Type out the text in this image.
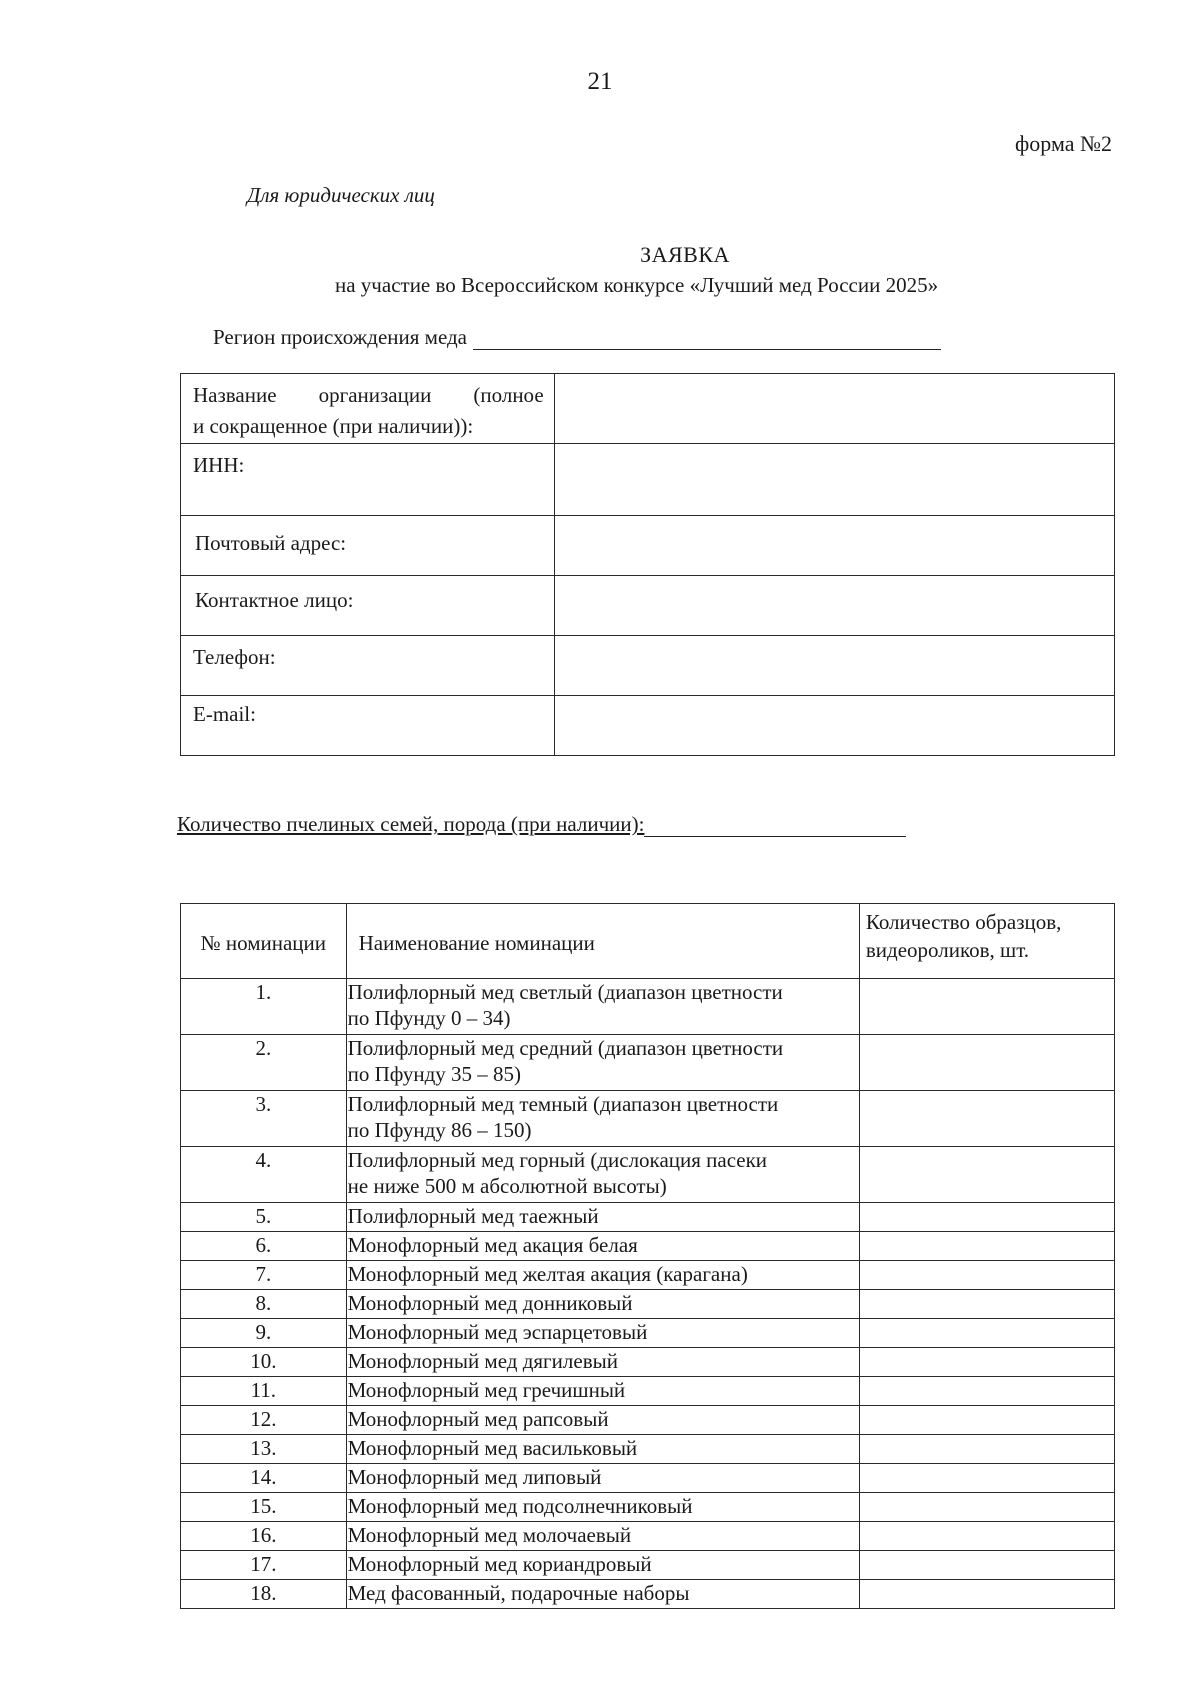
21
форма №2
Для юридических лиц
ЗАЯВКА
на участие во Всероссийском конкурсе «Лучший мед России 2025»
Регион происхождения меда
Название организации (полное
и сокращенное (при наличии)):	
ИНН:	
Почтовый адрес:	
Контактное лицо:	
Телефон:	
E-mail:	
Количество пчелиных семей, порода (при наличии):
№ номинации	Наименование номинации	Количество образцов,
видеороликов, шт.

1.	Полифлорный мед светлый (диапазон цветности
по Пфунду 0 – 34)	

2.	Полифлорный мед средний (диапазон цветности
по Пфунду 35 – 85)	

3.	Полифлорный мед темный (диапазон цветности
по Пфунду 86 – 150)	

4.	Полифлорный мед горный (дислокация пасеки
не ниже 500 м абсолютной высоты)	

5.	Полифлорный мед таежный	
6.	Монофлорный мед акация белая	
7.	Монофлорный мед желтая акация (карагана)	
8.	Монофлорный мед донниковый	
9.	Монофлорный мед эспарцетовый	
10.	Монофлорный мед дягилевый	
11.	Монофлорный мед гречишный	
12.	Монофлорный мед рапсовый	
13.	Монофлорный мед васильковый	
14.	Монофлорный мед липовый	
15.	Монофлорный мед подсолнечниковый	
16.	Монофлорный мед молочаевый	
17.	Монофлорный мед кориандровый	
18.	Мед фасованный, подарочные наборы	
